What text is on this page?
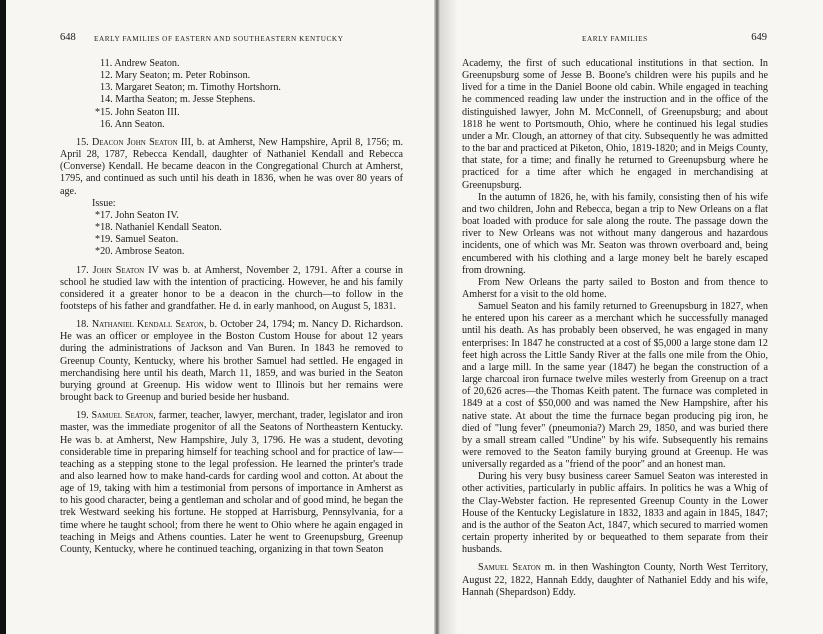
648	EARLY FAMILIES OF EASTERN AND SOUTHEASTERN KENTUCKY

11. Andrew Seaton.

12. Mary Seaton; m. Peter Robinson.

13. Margaret Seaton; m. Timothy Hortshorn.

14. Martha Seaton; m. Jesse Stephens.

*15. John Seaton III.

16. Ann Seaton.

15. Deacon John Seaton III, b. at Amherst, New Hampshire, April 8, 1756; m. April 28, 1787, Rebecca Kendall, daughter of Nathaniel Kendall and Rebecca (Converse) Kendall. He became deacon in the Congregational Church at Amherst, 1795, and continued as such until his death in 1836, when he was over 80 years of age.

Issue:

*17. John Seaton IV.

*18. Nathaniel Kendall Seaton.

*19. Samuel Seaton.

*20. Ambrose Seaton.

17. John Seaton IV was b. at Amherst, November 2, 1791. After a course in school he studied law with the intention of practicing. However, he and his family considered it a greater honor to be a deacon in the church—to follow in the footsteps of his father and grandfather. He d. in early manhood, on August 5, 1831.

18. Nathaniel Kendall Seaton, b. October 24, 1794; m. Nancy D. Richardson. He was an officer or employee in the Boston Custom House for about 12 years during the administrations of Jackson and Van Buren. In 1843 he removed to Greenup County, Kentucky, where his brother Samuel had settled. He engaged in merchandising here until his death, March 11, 1859, and was buried in the Seaton burying ground at Greenup. His widow went to Illinois but her remains were brought back to Greenup and buried beside her husband.

19. Samuel Seaton, farmer, teacher, lawyer, merchant, trader, legislator and iron master, was the immediate progenitor of all the Seatons of Northeastern Kentucky. He was b. at Amherst, New Hampshire, July 3, 1796. He was a student, devoting considerable time in preparing himself for teaching school and for practice of law—teaching as a stepping stone to the legal profession. He learned the printer's trade and also learned how to make hand-cards for carding wool and cotton. At about the age of 19, taking with him a testimonial from persons of importance in Amherst as to his good character, being a gentleman and scholar and of good mind, he began the trek Westward seeking his fortune. He stopped at Harrisburg, Pennsylvania, for a time where he taught school; from there he went to Ohio where he again engaged in teaching in Meigs and Athens counties. Later he went to Greenupsburg, Greenup County, Kentucky, where he continued teaching, organizing in that town Seaton

EARLY FAMILIES	649

Academy, the first of such educational institutions in that section. In Greenupsburg some of Jesse B. Boone's children were his pupils and he lived for a time in the Daniel Boone old cabin. While engaged in teaching he commenced reading law under the instruction and in the office of the distinguished lawyer, John M. McConnell, of Greenupsburg; and about 1818 he went to Portsmouth, Ohio, where he continued his legal studies under a Mr. Clough, an attorney of that city. Subsequently he was admitted to the bar and practiced at Piketon, Ohio, 1819-1820; and in Meigs County, that state, for a time; and finally he returned to Greenupsburg where he practiced for a time after which he engaged in merchandising at Greenupsburg.

In the autumn of 1826, he, with his family, consisting then of his wife and two children, John and Rebecca, began a trip to New Orleans on a flat boat loaded with produce for sale along the route. The passage down the river to New Orleans was not without many dangerous and hazardous incidents, one of which was Mr. Seaton was thrown overboard and, being encumbered with his clothing and a large money belt he barely escaped from drowning.

From New Orleans the party sailed to Boston and from thence to Amherst for a visit to the old home.

Samuel Seaton and his family returned to Greenupsburg in 1827, when he entered upon his career as a merchant which he successfully managed until his death. As has probably been observed, he was engaged in many enterprises: In 1847 he constructed at a cost of $5,000 a large stone dam 12 feet high across the Little Sandy River at the falls one mile from the Ohio, and a large mill. In the same year (1847) he began the construction of a large charcoal iron furnace twelve miles westerly from Greenup on a tract of 20,626 acres—the Thomas Keith patent. The furnace was completed in 1849 at a cost of $50,000 and was named the New Hampshire, after his native state. At about the time the furnace began producing pig iron, he died of "lung fever" (pneumonia?) March 29, 1850, and was buried there by a small stream called "Undine" by his wife. Subsequently his remains were removed to the Seaton family burying ground at Greenup. He was universally regarded as a "friend of the poor" and an honest man.

During his very busy business career Samuel Seaton was interested in other activities, particularly in public affairs. In politics he was a Whig of the Clay-Webster faction. He represented Greenup County in the Lower House of the Kentucky Legislature in 1832, 1833 and again in 1845, 1847; and is the author of the Seaton Act, 1847, which secured to married women certain property inherited by or bequeathed to them separate from their husbands.

Samuel Seaton m. in then Washington County, North West Territory, August 22, 1822, Hannah Eddy, daughter of Nathaniel Eddy and his wife, Hannah (Shepardson) Eddy.
